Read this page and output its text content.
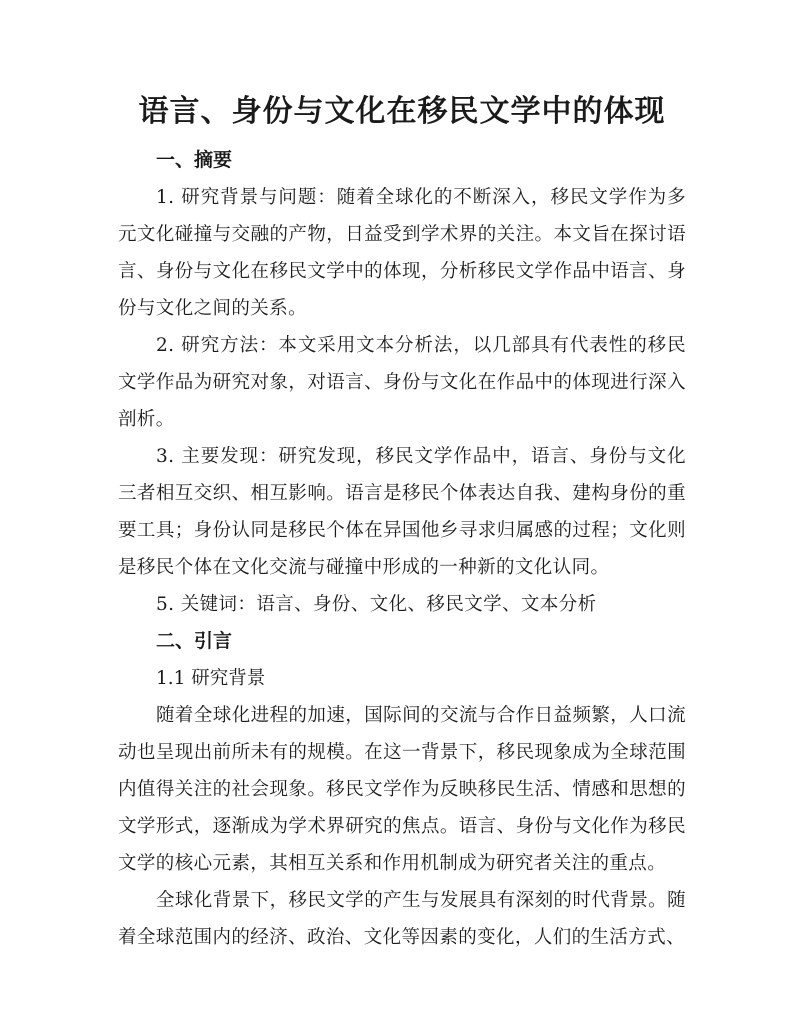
语言、身份与文化在移民文学中的体现
一、摘要

1. 研究背景与问题：随着全球化的不断深入，移民文学作为多元文化碰撞与交融的产物，日益受到学术界的关注。本文旨在探讨语言、身份与文化在移民文学中的体现，分析移民文学作品中语言、身份与文化之间的关系。

2. 研究方法：本文采用文本分析法，以几部具有代表性的移民文学作品为研究对象，对语言、身份与文化在作品中的体现进行深入剖析。

3. 主要发现：研究发现，移民文学作品中，语言、身份与文化三者相互交织、相互影响。语言是移民个体表达自我、建构身份的重要工具；身份认同是移民个体在异国他乡寻求归属感的过程；文化则是移民个体在文化交流与碰撞中形成的一种新的文化认同。

5. 关键词：语言、身份、文化、移民文学、文本分析

二、引言

1.1 研究背景

随着全球化进程的加速，国际间的交流与合作日益频繁，人口流动也呈现出前所未有的规模。在这一背景下，移民现象成为全球范围内值得关注的社会现象。移民文学作为反映移民生活、情感和思想的文学形式，逐渐成为学术界研究的焦点。语言、身份与文化作为移民文学的核心元素，其相互关系和作用机制成为研究者关注的重点。

全球化背景下，移民文学的产生与发展具有深刻的时代背景。随着全球范围内的经济、政治、文化等因素的变化，人们的生活方式、
